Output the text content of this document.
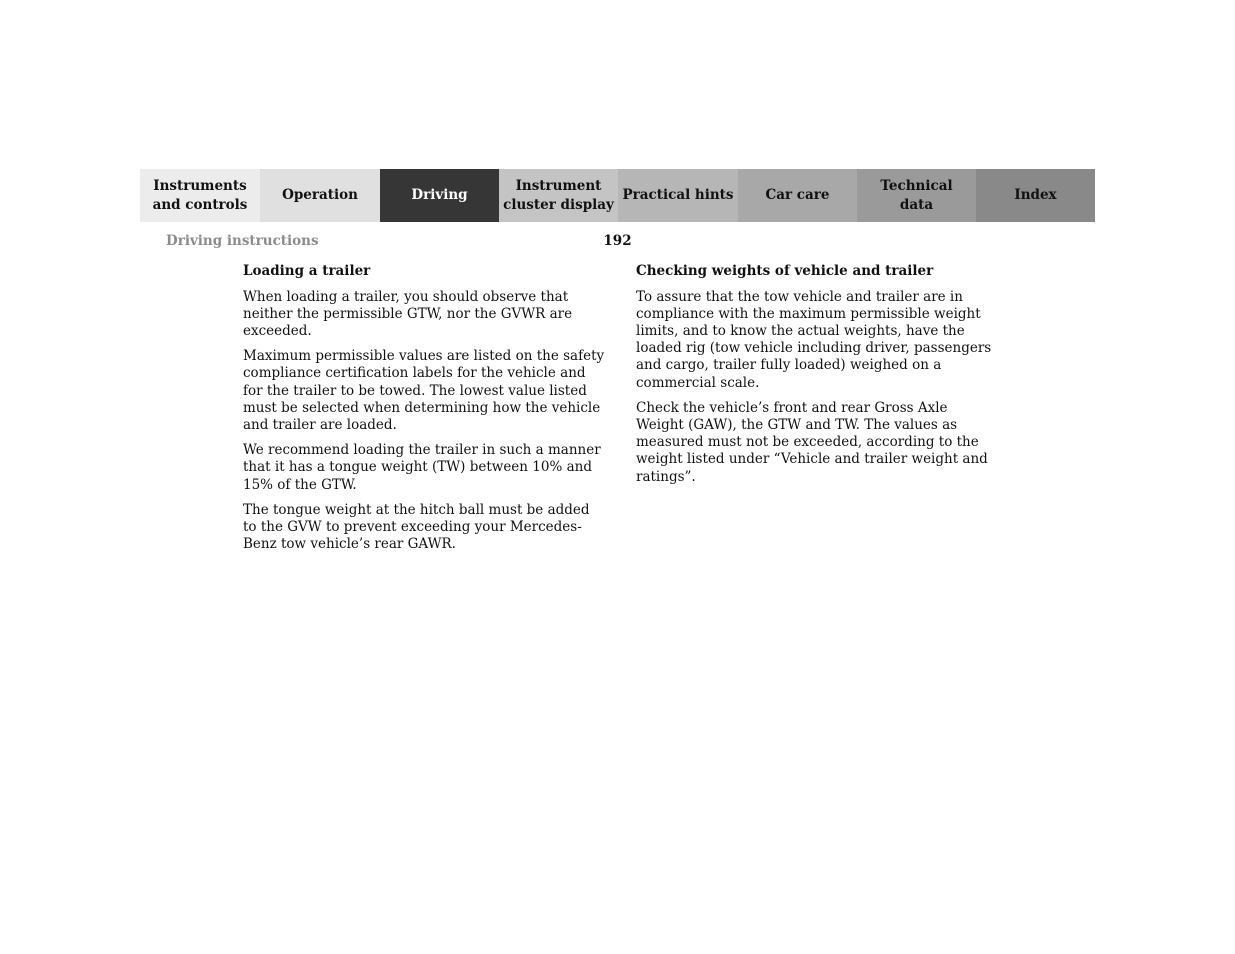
Instruments
and controls
Operation	Driving
Instrument
cluster display
Practical hints Car care
Technical
data
Index
Driving instructions	192
Loading a trailer

When loading a trailer, you should observe that neither the permissible GTW, nor the GVWR are exceeded.

Maximum permissible values are listed on the safety compliance certification labels for the vehicle and for the trailer to be towed. The lowest value listed must be selected when determining how the vehicle and trailer are loaded.

We recommend loading the trailer in such a manner that it has a tongue weight (TW) between 10% and 15% of the GTW.

The tongue weight at the hitch ball must be added to the GVW to prevent exceeding your Mercedes-Benz tow vehicle’s rear GAWR.

Checking weights of vehicle and trailer

To assure that the tow vehicle and trailer are in compliance with the maximum permissible weight limits, and to know the actual weights, have the loaded rig (tow vehicle including driver, passengers and cargo, trailer fully loaded) weighed on a commercial scale.

Check the vehicle’s front and rear Gross Axle Weight (GAW), the GTW and TW. The values as measured must not be exceeded, according to the weight listed under “Vehicle and trailer weight and ratings”.
